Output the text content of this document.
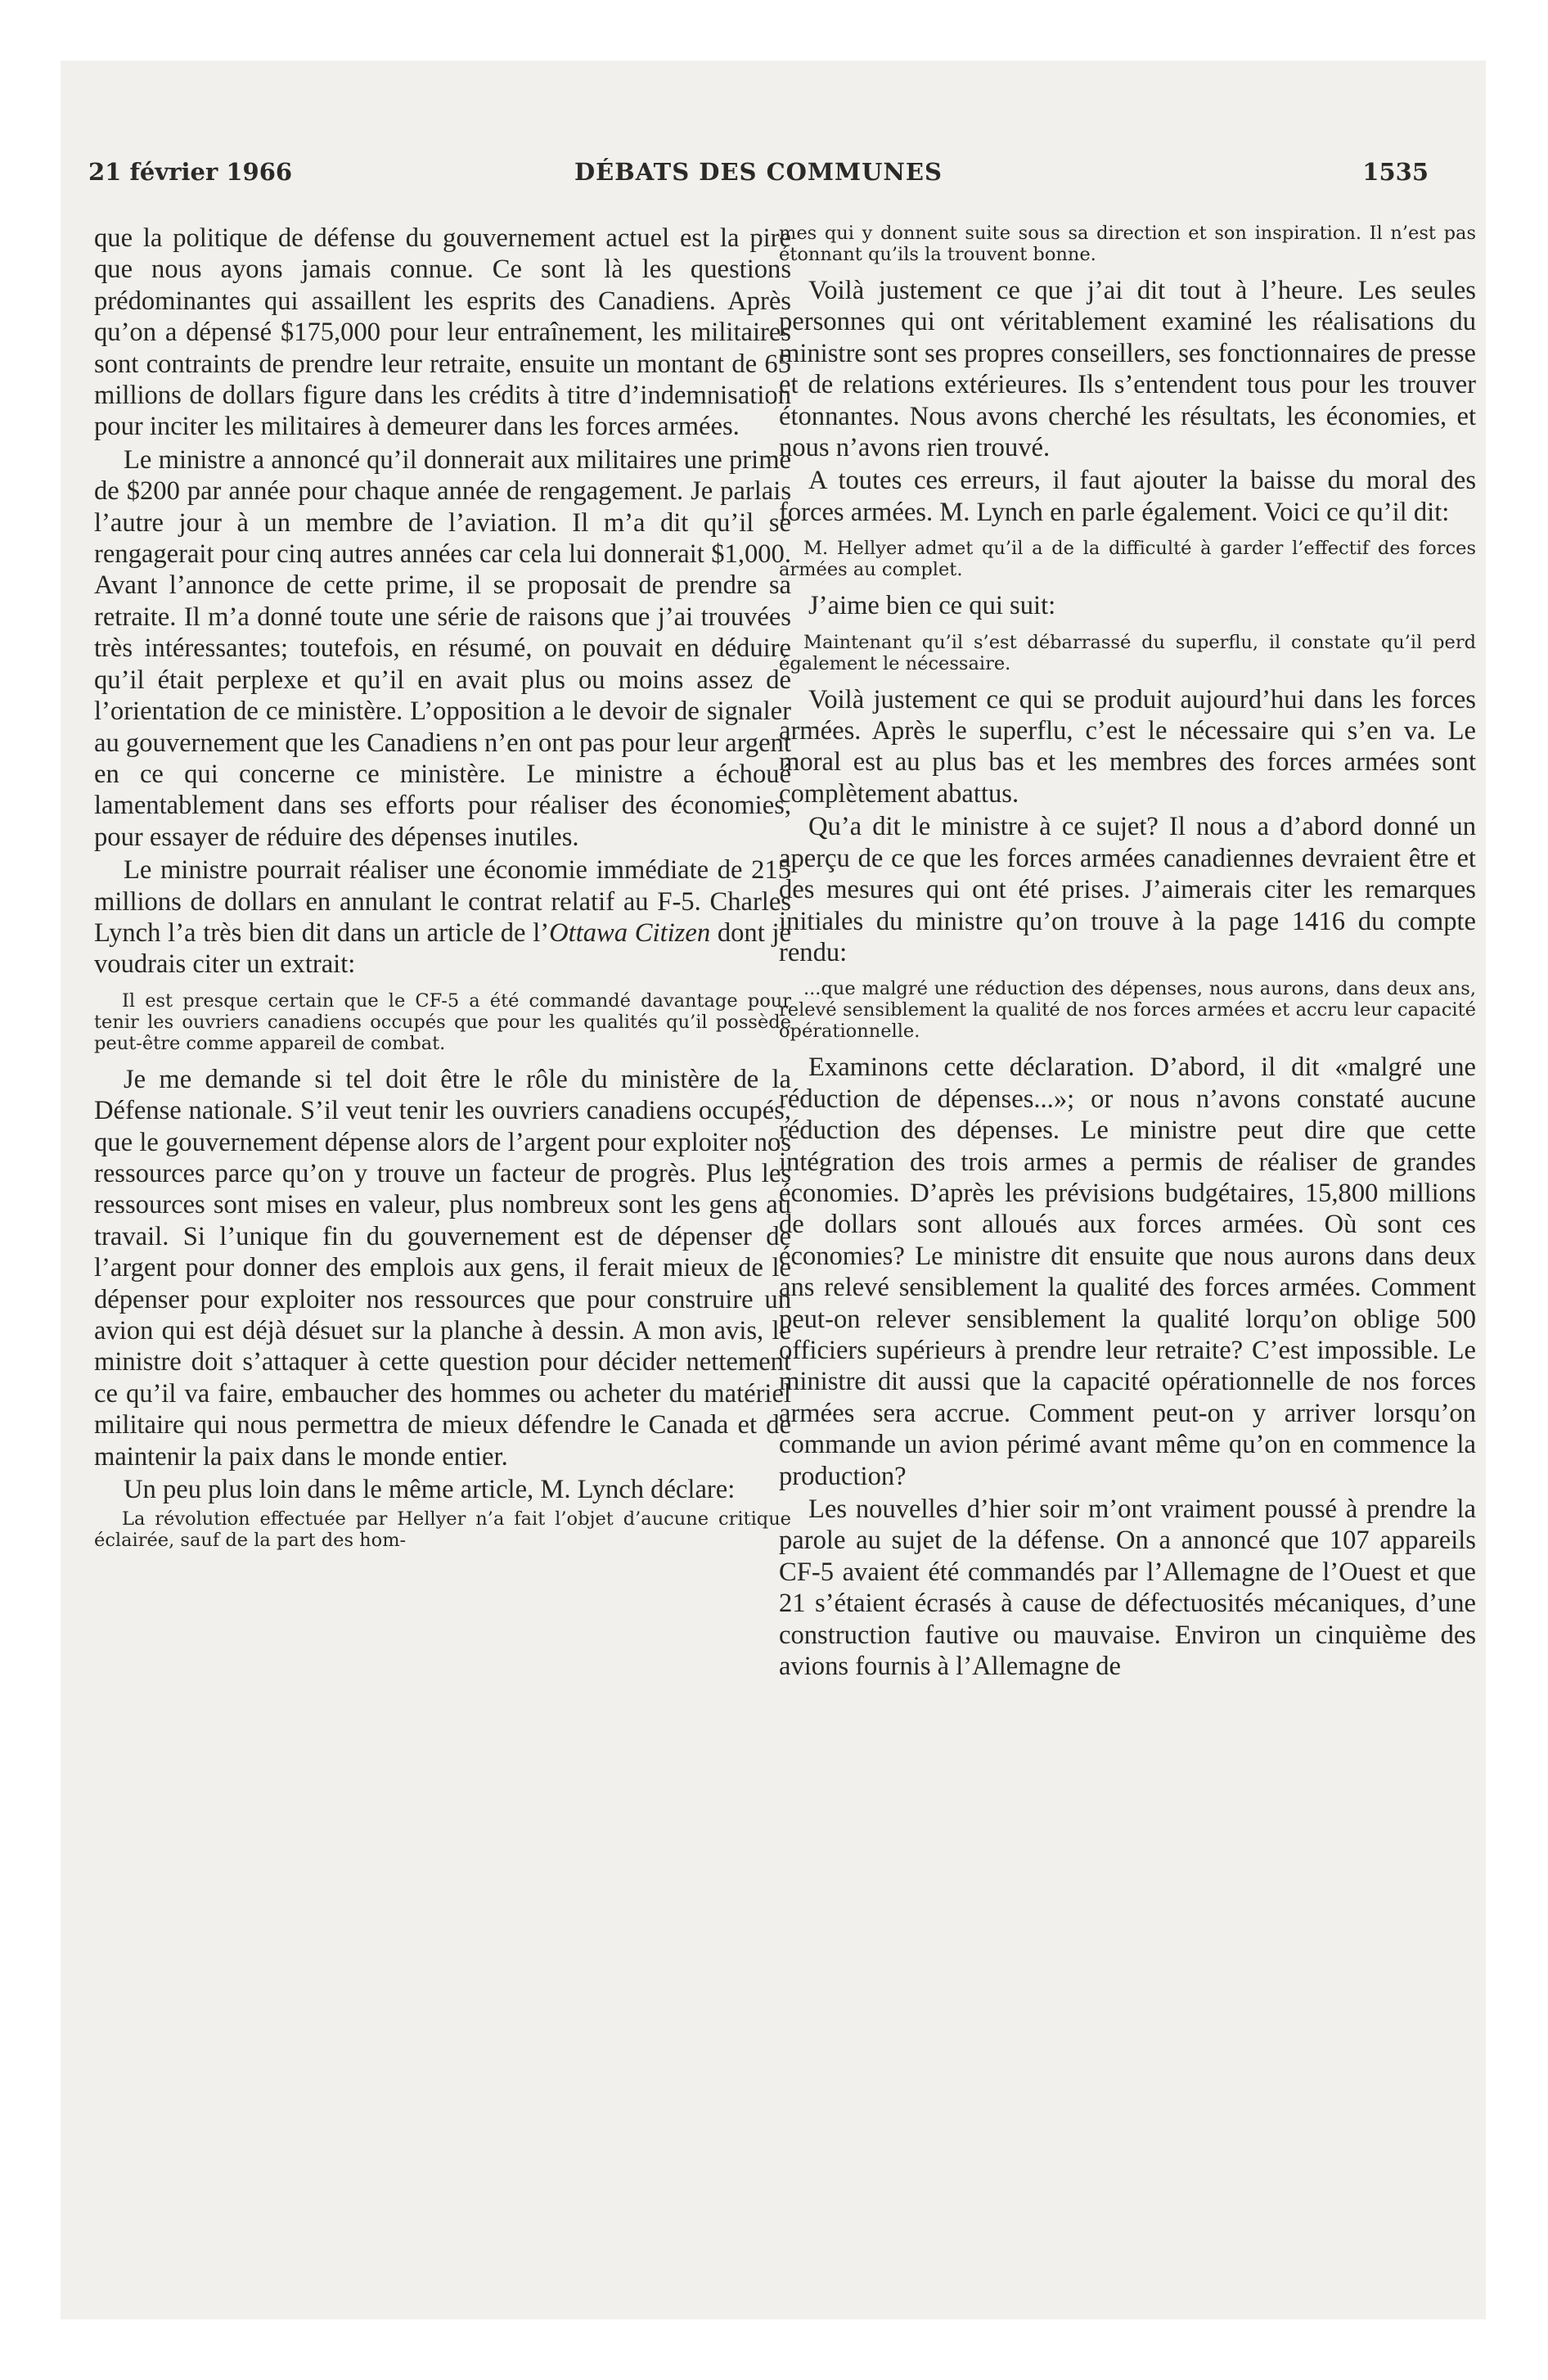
21 février 1966	DÉBATS DES COMMUNES	1535

que la politique de défense du gouvernement actuel est la pire que nous ayons jamais connue. Ce sont là les questions prédominantes qui assaillent les esprits des Canadiens. Après qu’on a dépensé $175,000 pour leur entraînement, les militaires sont contraints de prendre leur retraite, ensuite un montant de 65 millions de dollars figure dans les crédits à titre d’indemnisation pour inciter les militaires à demeurer dans les forces armées.

Le ministre a annoncé qu’il donnerait aux militaires une prime de $200 par année pour chaque année de rengagement. Je parlais l’autre jour à un membre de l’aviation. Il m’a dit qu’il se rengagerait pour cinq autres années car cela lui donnerait $1,000. Avant l’annonce de cette prime, il se proposait de prendre sa retraite. Il m’a donné toute une série de raisons que j’ai trouvées très intéressantes; toutefois, en résumé, on pouvait en déduire qu’il était perplexe et qu’il en avait plus ou moins assez de l’orientation de ce ministère. L’opposition a le devoir de signaler au gouvernement que les Canadiens n’en ont pas pour leur argent en ce qui concerne ce ministère. Le ministre a échoué lamentablement dans ses efforts pour réaliser des économies, pour essayer de réduire des dépenses inutiles.

Le ministre pourrait réaliser une économie immédiate de 215 millions de dollars en annulant le contrat relatif au F-5. Charles Lynch l’a très bien dit dans un article de l’Ottawa Citizen dont je voudrais citer un extrait:

Il est presque certain que le CF-5 a été commandé davantage pour tenir les ouvriers canadiens occupés que pour les qualités qu’il possède peut-être comme appareil de combat.

Je me demande si tel doit être le rôle du ministère de la Défense nationale. S’il veut tenir les ouvriers canadiens occupés, que le gouvernement dépense alors de l’argent pour exploiter nos ressources parce qu’on y trouve un facteur de progrès. Plus les ressources sont mises en valeur, plus nombreux sont les gens au travail. Si l’unique fin du gouvernement est de dépenser de l’argent pour donner des emplois aux gens, il ferait mieux de le dépenser pour exploiter nos ressources que pour construire un avion qui est déjà désuet sur la planche à dessin. A mon avis, le ministre doit s’attaquer à cette question pour décider nettement ce qu’il va faire, embaucher des hommes ou acheter du matériel militaire qui nous permettra de mieux défendre le Canada et de maintenir la paix dans le monde entier.

Un peu plus loin dans le même article, M. Lynch déclare:

La révolution effectuée par Hellyer n’a fait l’objet d’aucune critique éclairée, sauf de la part des hom-

mes qui y donnent suite sous sa direction et son inspiration. Il n’est pas étonnant qu’ils la trouvent bonne.

Voilà justement ce que j’ai dit tout à l’heure. Les seules personnes qui ont véritablement examiné les réalisations du ministre sont ses propres conseillers, ses fonctionnaires de presse et de relations extérieures. Ils s’entendent tous pour les trouver étonnantes. Nous avons cherché les résultats, les économies, et nous n’avons rien trouvé.

A toutes ces erreurs, il faut ajouter la baisse du moral des forces armées. M. Lynch en parle également. Voici ce qu’il dit:

M. Hellyer admet qu’il a de la difficulté à garder l’effectif des forces armées au complet.

J’aime bien ce qui suit:

Maintenant qu’il s’est débarrassé du superflu, il constate qu’il perd également le nécessaire.

Voilà justement ce qui se produit aujourd’hui dans les forces armées. Après le superflu, c’est le nécessaire qui s’en va. Le moral est au plus bas et les membres des forces armées sont complètement abattus.

Qu’a dit le ministre à ce sujet? Il nous a d’abord donné un aperçu de ce que les forces armées canadiennes devraient être et des mesures qui ont été prises. J’aimerais citer les remarques initiales du ministre qu’on trouve à la page 1416 du compte rendu:

...que malgré une réduction des dépenses, nous aurons, dans deux ans, relevé sensiblement la qualité de nos forces armées et accru leur capacité opérationnelle.

Examinons cette déclaration. D’abord, il dit «malgré une réduction de dépenses...»; or nous n’avons constaté aucune réduction des dépenses. Le ministre peut dire que cette intégration des trois armes a permis de réaliser de grandes économies. D’après les prévisions budgétaires, 15,800 millions de dollars sont alloués aux forces armées. Où sont ces économies? Le ministre dit ensuite que nous aurons dans deux ans relevé sensiblement la qualité des forces armées. Comment peut-on relever sensiblement la qualité lorqu’on oblige 500 officiers supérieurs à prendre leur retraite? C’est impossible. Le ministre dit aussi que la capacité opérationnelle de nos forces armées sera accrue. Comment peut-on y arriver lorsqu’on commande un avion périmé avant même qu’on en commence la production?

Les nouvelles d’hier soir m’ont vraiment poussé à prendre la parole au sujet de la défense. On a annoncé que 107 appareils CF-5 avaient été commandés par l’Allemagne de l’Ouest et que 21 s’étaient écrasés à cause de défectuosités mécaniques, d’une construction fautive ou mauvaise. Environ un cinquième des avions fournis à l’Allemagne de
